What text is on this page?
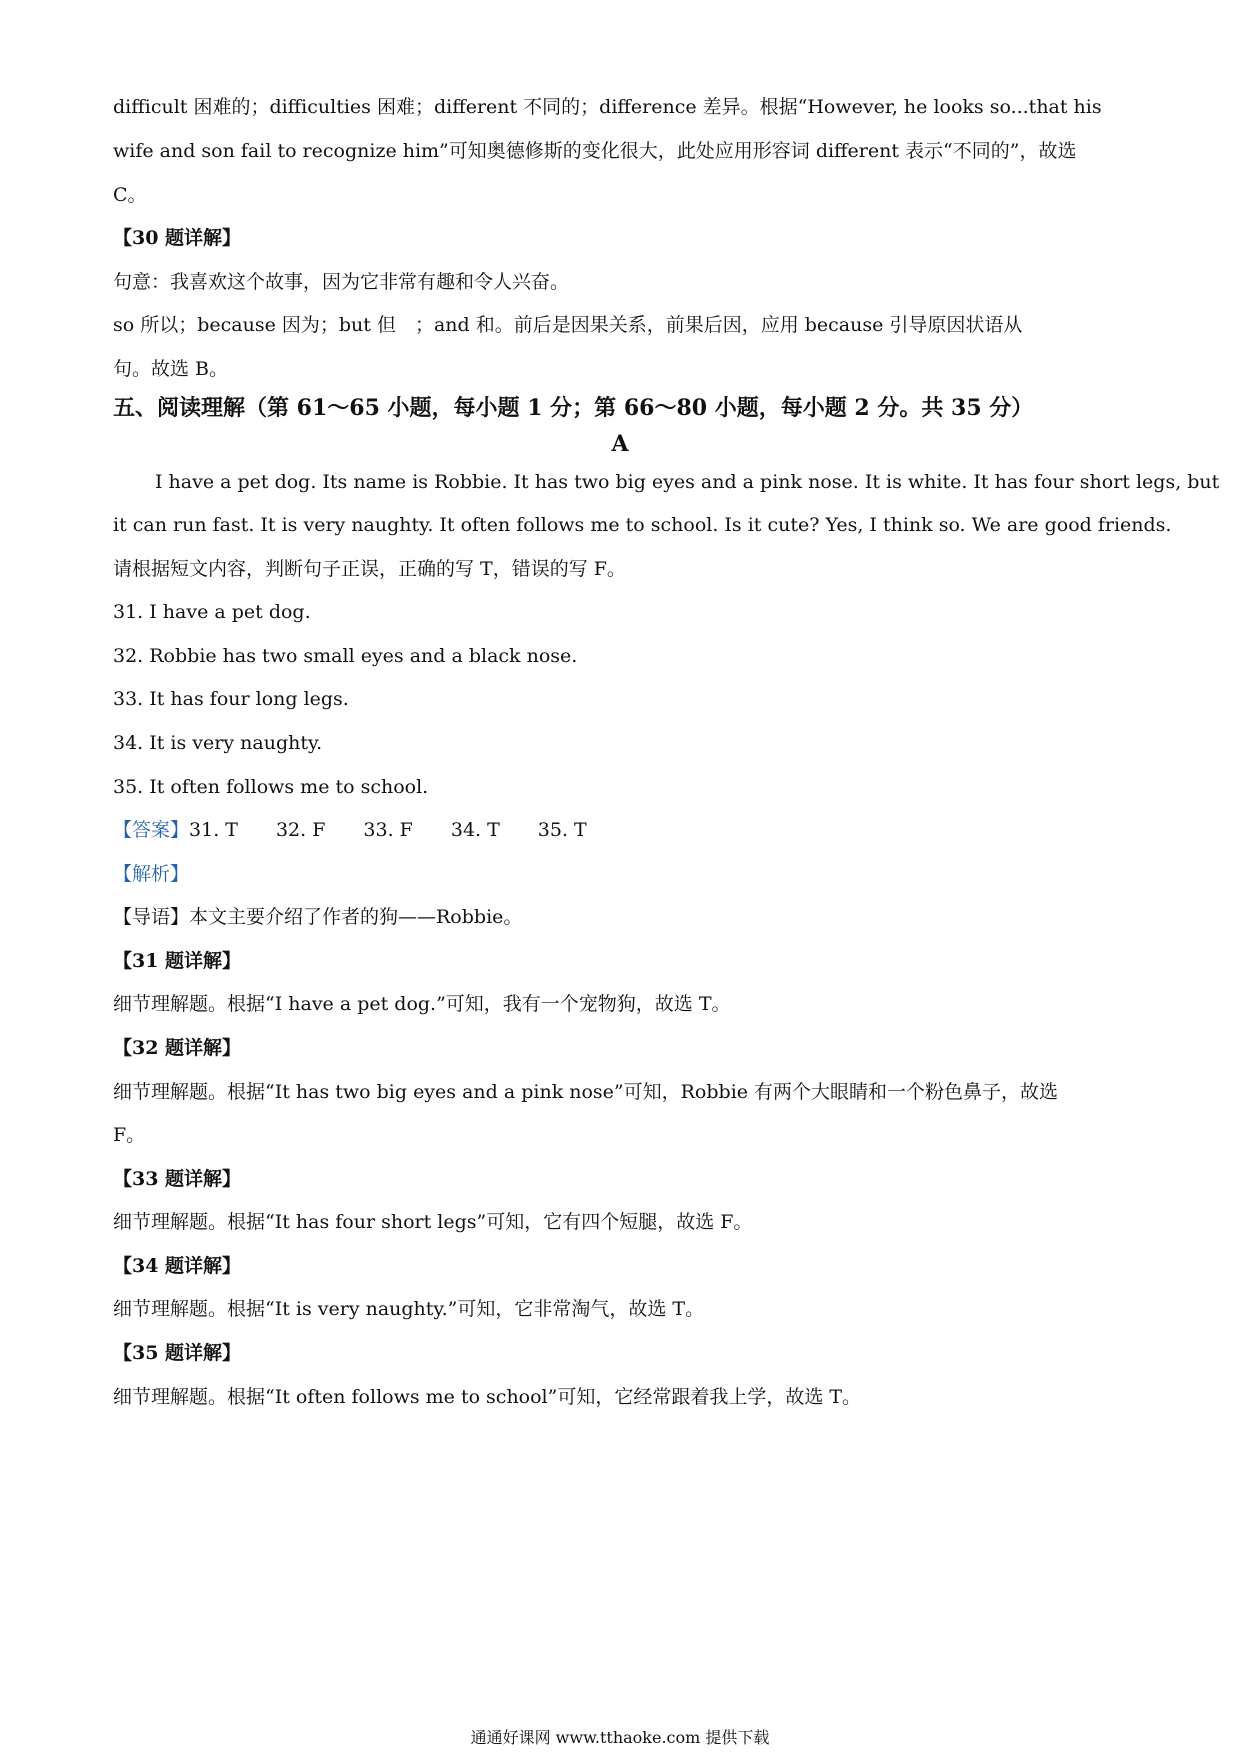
difficult 困难的；difficulties 困难；different 不同的；difference 差异。根据“However, he looks so...that his
wife and son fail to recognize him”可知奥德修斯的变化很大，此处应用形容词 different 表示“不同的”，故选
C。
【30 题详解】
句意：我喜欢这个故事，因为它非常有趣和令人兴奋。
so 所以；because 因为；but 但　；and 和。前后是因果关系，前果后因，应用 because 引导原因状语从
句。故选 B。
五、阅读理解（第 61～65 小题，每小题 1 分；第 66～80 小题，每小题 2 分。共 35 分）
A
I have a pet dog. Its name is Robbie. It has two big eyes and a pink nose. It is white. It has four short legs, but
it can run fast. It is very naughty. It often follows me to school. Is it cute? Yes, I think so. We are good friends.
请根据短文内容，判断句子正误，正确的写 T，错误的写 F。
31. I have a pet dog.
32. Robbie has two small eyes and a black nose.
33. It has four long legs.
34. It is very naughty.
35. It often follows me to school.
【答案】31. T 32. F 33. F 34. T 35. T
【解析】
【导语】本文主要介绍了作者的狗——Robbie。
【31 题详解】
细节理解题。根据“I have a pet dog.”可知，我有一个宠物狗，故选 T。
【32 题详解】
细节理解题。根据“It has two big eyes and a pink nose”可知，Robbie 有两个大眼睛和一个粉色鼻子，故选
F。
【33 题详解】
细节理解题。根据“It has four short legs”可知，它有四个短腿，故选 F。
【34 题详解】
细节理解题。根据“It is very naughty.”可知，它非常淘气，故选 T。
【35 题详解】
细节理解题。根据“It often follows me to school”可知，它经常跟着我上学，故选 T。
通通好课网 www.tthaoke.com 提供下载
